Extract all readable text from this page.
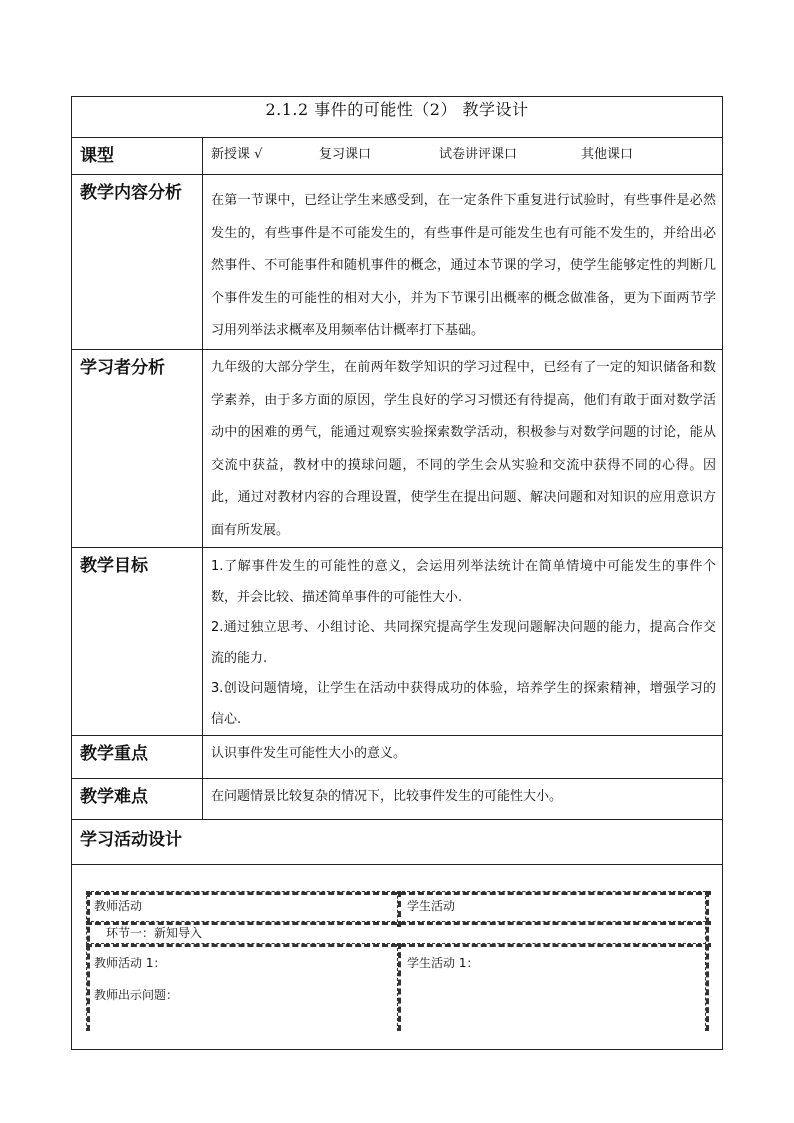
2.1.2 事件的可能性（2） 教学设计	

课型	新授课 √ 复习课口 试卷讲评课口 其他课口

教学内容分析	在第一节课中，已经让学生来感受到，在一定条件下重复进行试验时，有些事件是必然发生的，有些事件是不可能发生的，有些事件是可能发生也有可能不发生的，并给出必然事件、不可能事件和随机事件的概念，通过本节课的学习，使学生能够定性的判断几个事件发生的可能性的相对大小，并为下节课引出概率的概念做准备，更为下面两节学习用列举法求概率及用频率估计概率打下基础。

学习者分析	九年级的大部分学生，在前两年数学知识的学习过程中，已经有了一定的知识储备和数学素养，由于多方面的原因，学生良好的学习习惯还有待提高，他们有敢于面对数学活动中的困难的勇气，能通过观察实验探索数学活动，积极参与对数学问题的讨论，能从交流中获益，教材中的摸球问题，不同的学生会从实验和交流中获得不同的心得。因此，通过对教材内容的合理设置，使学生在提出问题、解决问题和对知识的应用意识方面有所发展。

教学目标	1.了解事件发生的可能性的意义，会运用列举法统计在简单情境中可能发生的事件个数，并会比较、描述简单事件的可能性大小.

2.通过独立思考、小组讨论、共同探究提高学生发现问题解决问题的能力，提高合作交流的能力.

3.创设问题情境，让学生在活动中获得成功的体验，培养学生的探索精神，增强学习的信心.

教学重点	认识事件发生可能性大小的意义。

教学难点	在问题情景比较复杂的情况下，比较事件发生的可能性大小。

学习活动设计	

教师活动	学生活动
环节一：新知导入
教师活动 1：	学生活动 1：
教师出示问题：
